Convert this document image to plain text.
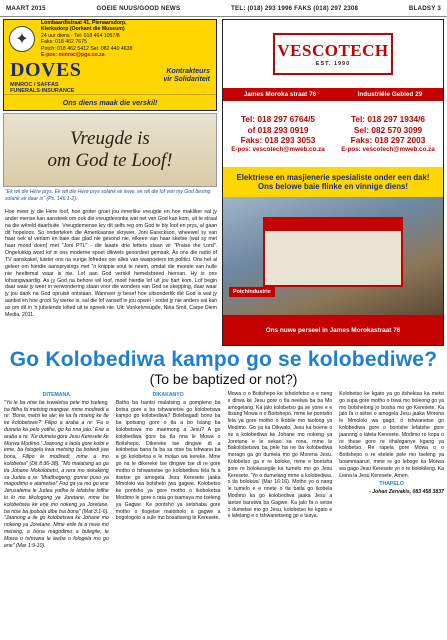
MAART 2015	GOEIE NUUS/GOOD NEWS	TEL: (018) 293 1996 FAKS (018) 297 2308	BLADSY 3
✦
Lombaardtstraat 41, Pienaarsdorp,
Klerksdorp (Oorkant die Museum)
24 uur diens - Tel: 018 464 1057/8
Faks: 018 462 7675
Potch: 018 462 5412 Sel: 082 440 4638
E-pos: minroc@pgs.co.za
DOVES
MINROC / SAFFAS
FUNERALS·INSURANCE
Kontrakteurs
vir Solidariteit
Ons diens maak die verskil!
Vreugde is
om God te Loof!
"Ek wil die Here prys. Ek wil die Here prys solank ek lewe, ek wil die lof van my God besing solank ek daar is" (Ps. 146:1-2).
Hoe meer jy die Here loof, hoe groter groei jou innerlike vreugde en hoe makliker sal jy ander mense kan aansteek om ook die vreugdevonke wat net van God kan kom, uit te straal na die wêreld daarbuite. Vreugdemense kry dit selfs reg om God te bly loof en prys, al gaan dit hopeloos. So onderteken die Amerikaanse skrywer, Joni Eareckson, wheewel sy van haar nek af verlam en baie dae glad nie gesond nie, elkeen van haar sketse (wat sy met haar mond doen) met "Joni PTL" - die laaste drie letters staan vir "Praise the Lord". Ongelukkig word lof in ons moderne spoet dikwels geoordeel gemsak. As ons die radio of TV aanskakel, luister ons na vurige lofredes oor alles van waspoeiers tot politici. Ons het al geleer om hierdie aansprysings met "n knippie sout te neem, omdat die meeste van hulle nie heeltemal waar is nie. Lof aan God verskil hemelsbreed hiervan. Hy is ons lofsangwaardig. As jy God na behore wil loof, moet hierdie lof uit jou hart kom. Lof begin daar waar jy weer in verwondering staan voor die wonders van God se skepping, daar waar jy jou dank na God opruisë ontstaan. Wanneer jy besef hoe uitsonderlik dié God is wat jy aanbid en hoe groot Sy werke is, sal die lof vanself in jou opwel - sodat jy nie anders sal kan as om dit in 'n jubelende lofied uit te spreek nie. Uit: Vonkelvreugde, Nina Smit, Carpe Diem Media, 2011.
VESCOTECH
EST. 1990
James Moroka straat 76	Industriële Gebied 29
Tel: 018 297 6764/5
of 018 293 0919
Faks: 018 293 3053
E-pos: vescotech@mweb.co.za
Tel: 018 297 1934/6
Sel: 082 570 3099
Faks: 018 297 2003
E-pos: vescotech@mweb.co.za
Elektriese en masjienerie spesialiste onder een dak!
Ons belowe baie flinke en vinnige diens!
Potchindustrie
Ons nuwe perseel in James Morokastraat 76
Go Kolobediwa kampo go se kolobediwe?
(To be baptized or not?)
DITEMANA

"Ya le ba ntse ba tsweletsa pele mo tseleng, ba fitlha fa metsing mangwe, mme modiredi a re: 'Bona, metsi ke ale; ke ka fa ntseng ke tle ke kolobetswe?' Filipo a araba a re: 'Fa o dumela ka pelo yotlhe, go ka nna jalo.' Ene a araba a re: 'Ke dumela gore Jesu Keresete ke Morwa Modimo.' Jaanong a laola gore koloi e eme, ba fologela kwa metsing ba bobedi jwa bona, Filipo le modiredi, mme a mo kolobetsa" (Dit 8:36-38). "Mo malatsing ao ga tla Johane Mokolobetsi, a rera mo sekakeng sa Judea a re: 'Ithatlhogeng; gonne puso ya magodimo e atametse!' Foo ga ya mo go ene Jerusalema le Judea yotlhe le lefatshe lotlhe lo lo mo tikologong ya Joretane, mme ba kolobetswa ke ene mo nokeng ya Joretane, ba ntse ba ipobola dibe tsa bona" (Mat 3:1-6). "Jaanong a ile go kolobetswa ke Johane mo nokeng ya Joretane. Mme erile fa a tswa mo metsing, a bona magodimo a bulegile, le Mowa o tshwana le leeba o fologela mo go ene" (Mar 1:9-10).

DIKAKANYO

Batho ba bantsi malatsing a gompieno ba botsa gore a ba tshwanetse go kolobetswa kampo go kolobediwa? Bolebagadi bono ba ba ipotsang gore o tla a bo Isiang ba kolobetswa mo maemong a Jesu? A go kolobediwa gore ba tla nna le Mowa o Boitshepo. Dikereke tse dingwe di a kolobetsa bana fa ba sa ntse ba tshwana ba a go kolobetsa e le molao wa kereke. Mme go na le dikereke tse dingwe tse di re gore motho o tshwanetse go kolobediwa fela fa a itsetse go amogela Jesu Keresete jaaka Mmoloki wa botshelo jwa gagwe. Kolobetso ke pontsho ya gore motho o ikoboketsa Modimo le gore o rata go tsamaya mo tseleng ya Gagwe. Ke pontsho ya setshaba gore motho o tlogetse maitsholo a gagwe a bogologolo a sule mo bosaitseng le Keresete.

Mowa o o Boitshepo ke tsholofetso e e neng e dirwa ke Jesu gore o tla neelwa ba ba Mo amogelang. Ka jalo kolobetso ga se yone e e tlisang Mowa o o Boitshepo, mme ke pontsho fela ya gore motho o ikobile mo taolong ya Modimo. Go ya ka Dikwalo, Jesu ka boene o ne a kolobediwa ke Johane mo nokeng ya Joretane e le sekao sa rona, mme le Bakolobetswa ba pele ba ne ba kolobediwa morago ga go dumela mo go Morena Jesu. Kolobetso ga e re boloke, mme e bontsha gore re bolokesegile ka tumelo mo go Jesu Keresete. 'Yo o dumelang mme a kolobediwa, o tla bolokwa' (Mar 16:16). Motho yo o nang le tumelo e e nnete o tla batla go ikobela Modimo ka go kolobediwa jaaka Jesu a laetse barutwa ba Gagwe. Ka jalo fa o setse o dumetse mo go Jesu, kolobetso ke kgato e e latelang e o tshwanetseng go e tsaya.

Kolobetso ke kgato ya go itshekisa ka metsi go supa gore motho o tswa mo boleong go ya mo botshelong jo bosha mo go Keresete. Ka jalo fa o setse o amogela Jesu jaaka Morena le Mmoloki wa gago, o tshwanetse go kolobediwa gore o bontshe lefatshe gore jaanong o latela Keresete. Modimo re kopa o re thuse gore re ithaloganye kgang ya kolobetso. Re rapela gore Mowa o o Boitshepo o re etelele pele mo tseleng ya boammaaruri, mme re go leboge ka Morwa wa gago Jesu Keresete yo o re bolokileng. Ka Leina la Jesu Keresete, Amen.

THAPELO
- Johan Zervakis, 083 458 3837
